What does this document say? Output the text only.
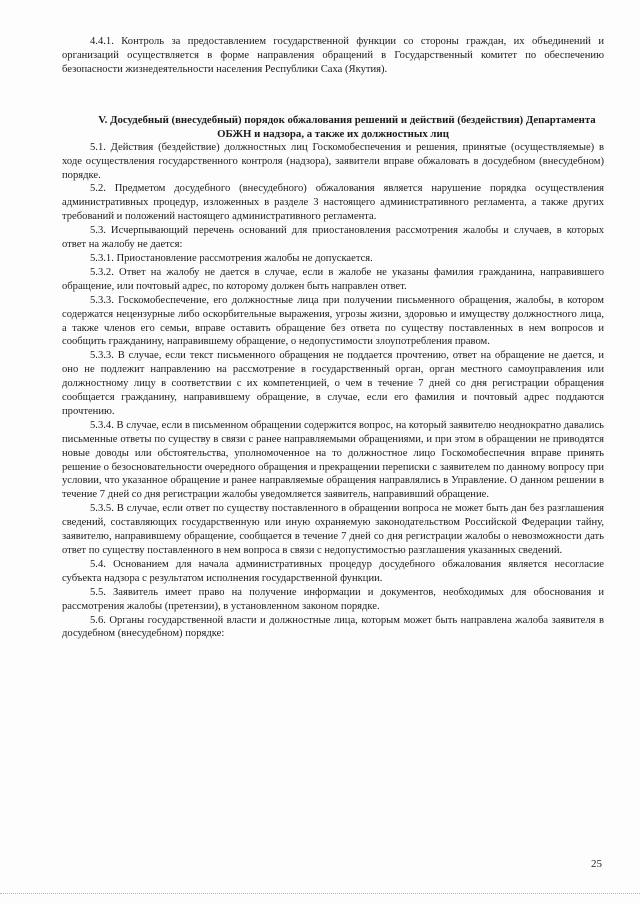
4.4.1. Контроль за предоставлением государственной функции со стороны граждан, их объединений и организаций осуществляется в форме направления обращений в Государственный комитет по обеспечению безопасности жизнедеятельности населения Республики Саха (Якутия).

V. Досудебный (внесудебный) порядок обжалования решений и действий (бездействия) Департамента ОБЖН и надзора, а также их должностных лиц

5.1. Действия (бездействие) должностных лиц Госкомобеспечения и решения, принятые (осуществляемые) в ходе осуществления государственного контроля (надзора), заявители вправе обжаловать в досудебном (внесудебном) порядке.

5.2. Предметом досудебного (внесудебного) обжалования является нарушение порядка осуществления административных процедур, изложенных в разделе 3 настоящего административного регламента, а также других требований и положений настоящего административного регламента.

5.3. Исчерпывающий перечень оснований для приостановления рассмотрения жалобы и случаев, в которых ответ на жалобу не дается:

5.3.1. Приостановление рассмотрения жалобы не допускается.

5.3.2. Ответ на жалобу не дается в случае, если в жалобе не указаны фамилия гражданина, направившего обращение, или почтовый адрес, по которому должен быть направлен ответ.

5.3.3. Госкомобеспечение, его должностные лица при получении письменного обращения, жалобы, в котором содержатся нецензурные либо оскорбительные выражения, угрозы жизни, здоровью и имуществу должностного лица, а также членов его семьи, вправе оставить обращение без ответа по существу поставленных в нем вопросов и сообщить гражданину, направившему обращение, о недопустимости злоупотребления правом.

5.3.3. В случае, если текст письменного обращения не поддается прочтению, ответ на обращение не дается, и оно не подлежит направлению на рассмотрение в государственный орган, орган местного самоуправления или должностному лицу в соответствии с их компетенцией, о чем в течение 7 дней со дня регистрации обращения сообщается гражданину, направившему обращение, в случае, если его фамилия и почтовый адрес поддаются прочтению.

5.3.4. В случае, если в письменном обращении содержится вопрос, на который заявителю неоднократно давались письменные ответы по существу в связи с ранее направляемыми обращениями, и при этом в обращении не приводятся новые доводы или обстоятельства, уполномоченное на то должностное лицо Госкомобеспечния вправе принять решение о безосновательности очередного обращения и прекращении переписки с заявителем по данному вопросу при условии, что указанное обращение и ранее направляемые обращения направлялись в Управление. О данном решении в течение 7 дней со дня регистрации жалобы уведомляется заявитель, направивший обращение.

5.3.5. В случае, если ответ по существу поставленного в обращении вопроса не может быть дан без разглашения сведений, составляющих государственную или иную охраняемую законодательством Российской Федерации тайну, заявителю, направившему обращение, сообщается в течение 7 дней со дня регистрации жалобы о невозможности дать ответ по существу поставленного в нем вопроса в связи с недопустимостью разглашения указанных сведений.

5.4. Основанием для начала административных процедур досудебного обжалования является несогласие субъекта надзора с результатом исполнения государственной функции.

5.5. Заявитель имеет право на получение информации и документов, необходимых для обоснования и рассмотрения жалобы (претензии), в установленном законом порядке.

5.6. Органы государственной власти и должностные лица, которым может быть направлена жалоба заявителя в досудебном (внесудебном) порядке:

25
